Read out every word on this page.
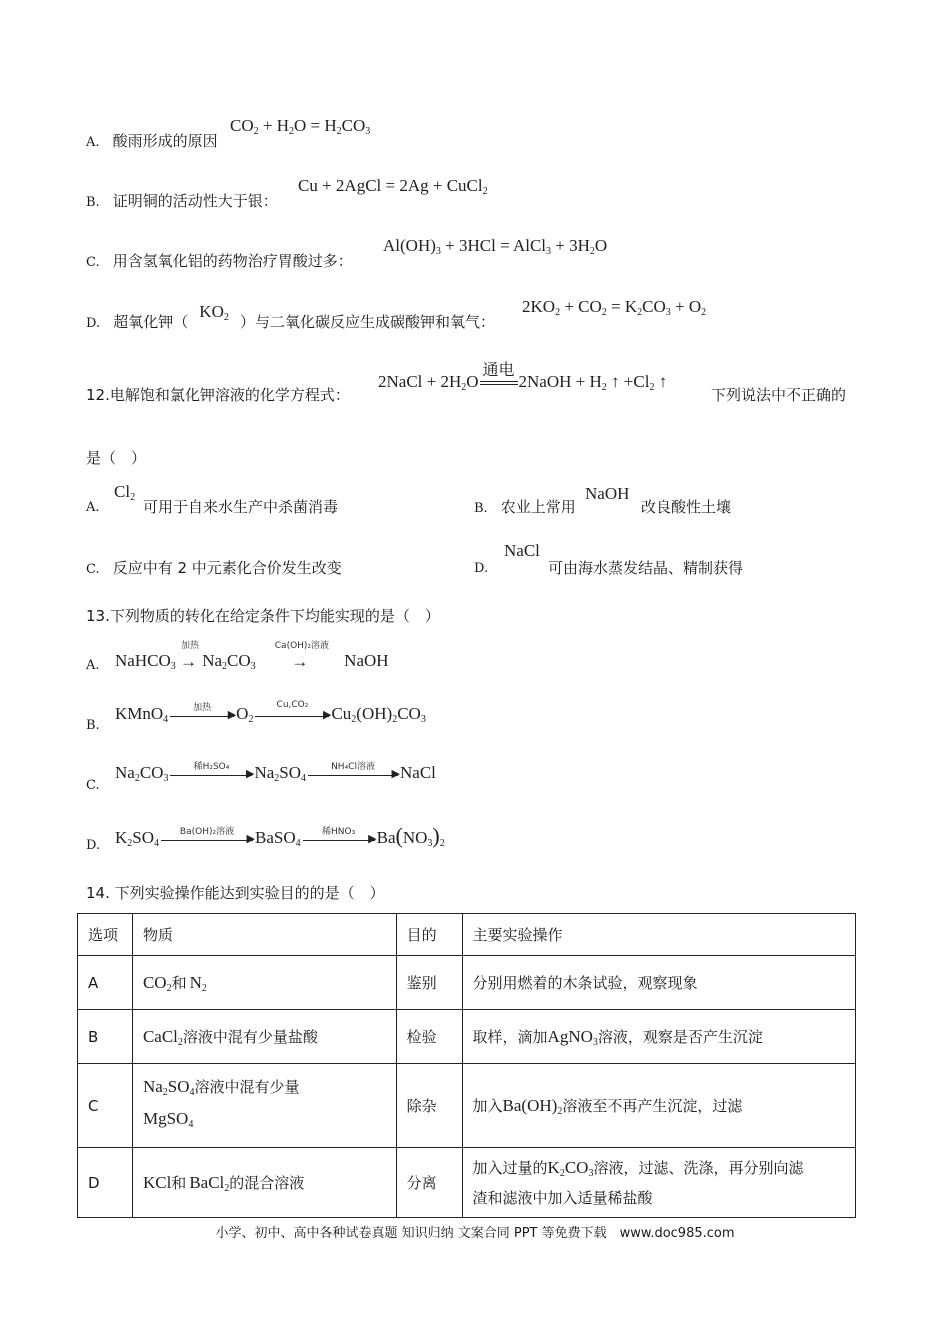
A. 酸雨形成的原因
$CO_2 + H_2O = H_2CO_3$
B. 证明铜的活动性大于银：
Cu + 2AgCl = 2Ag + CuCl$_2$
C. 用含氢氧化铝的药物治疗胃酸过多：
$Al(OH)_3 + 3HCl$ = AlCl$_3$ + $3H_2O$
D. 超氧化钾（ $KO_2$ ）与二氧化碳反应生成碳酸钾和氧气：
$2KO_2 + CO_2 = K_2CO_3 + O_2$
12.电解饱和氯化钾溶液的化学方程式：
2NaCl + $2H_2O$
通电
2NaOH + $H_2$ ↑ $+Cl_2$ ↑
下列说法中不正确的
是（　）
A.
$Cl_2$
可用于自来水生产中杀菌消毒	B. 农业上常用
NaOH
改良酸性土壤
C. 反应中有 2 中元素化合价发生改变	D.
NaCl
可由海水蒸发结晶、精制获得
13.下列物质的转化在给定条件下均能实现的是（　）
A. NaHCO$_3$
加热
→ $Na_2CO_3$
Ca(OH)₂溶液
→	NaOH
B.
KMnO$_4$
加热
▶ $O_2$
Cu,CO₂
▶ $Cu_2(OH)_2CO_3$
C.
$Na_2CO_3$
稀H₂SO₄
▶ $Na_2SO_4$
NH₄Cl溶液
▶ NaCl
D. $K_2SO_4$
Ba(OH)₂溶液
▶ BaSO$_4$
稀HNO₃
▶ $Ba(NO_3)_2$
14. 下列实验操作能达到实验目的的是（　）
选项	物质	目的	主要实验操作
A	$CO_2$和 $N_2$	鉴别	分别用燃着的木条试验，观察现象
B	CaCl$_2$溶液中混有少量盐酸	检验	取样，滴加AgNO$_3$溶液，观察是否产生沉淀
C	$Na_2SO_4$溶液中混有少量
MgSO$_4$	除杂	加入$Ba(OH)_2$溶液至不再产生沉淀，过滤
D	KCl和 BaCl$_2$的混合溶液	分离	加入过量的$K_2CO_3$溶液，过滤、洗涤，再分别向滤
渣和滤液中加入适量稀盐酸
小学、初中、高中各种试卷真题 知识归纳 文案合同 PPT 等免费下载　www.doc985.com
